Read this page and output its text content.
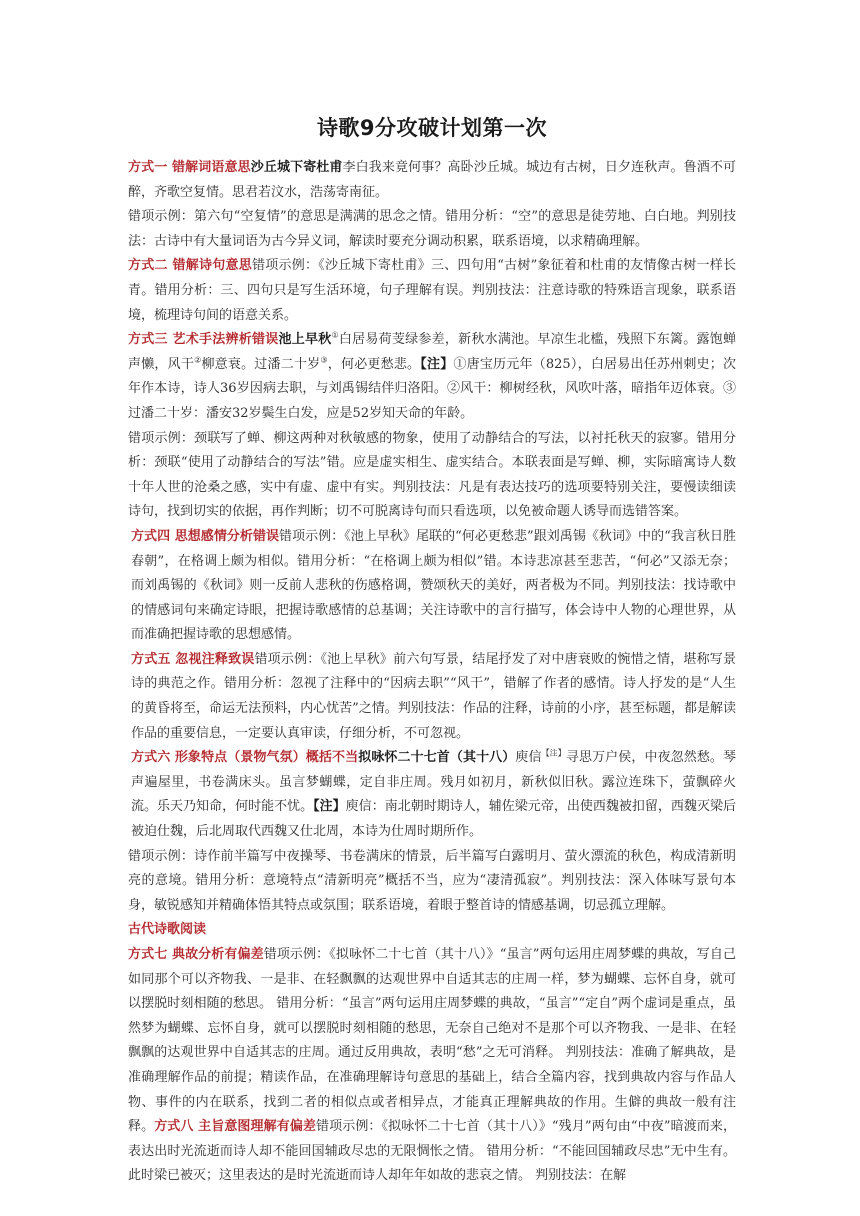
诗歌9分攻破计划第一次

方式一 错解词语意思沙丘城下寄杜甫李白我来竟何事？高卧沙丘城。城边有古树，日夕连秋声。鲁酒不可醉，齐歌空复情。思君若汶水，浩荡寄南征。

错项示例：第六句“空复情”的意思是满满的思念之情。错用分析：“空”的意思是徒劳地、白白地。判别技法：古诗中有大量词语为古今异义词，解读时要充分调动积累，联系语境，以求精确理解。

方式二 错解诗句意思错项示例：《沙丘城下寄杜甫》三、四句用“古树”象征着和杜甫的友情像古树一样长青。错用分析：三、四句只是写生活环境，句子理解有误。判别技法：注意诗歌的特殊语言现象，联系语境，梳理诗句间的语意关系。

方式三 艺术手法辨析错误池上早秋①白居易荷芰绿参差，新秋水满池。早凉生北槛，残照下东篱。露饱蝉声懒，风干②柳意衰。过潘二十岁③，何必更愁悲。【注】①唐宝历元年（825），白居易出任苏州刺史；次年作本诗，诗人36岁因病去职，与刘禹锡结伴归洛阳。②风干：柳树经秋，风吹叶落，暗指年迈体衰。③过潘二十岁：潘安32岁鬓生白发，应是52岁知天命的年龄。

错项示例：颈联写了蝉、柳这两种对秋敏感的物象，使用了动静结合的写法，以衬托秋天的寂寥。错用分析：颈联“使用了动静结合的写法”错。应是虚实相生、虚实结合。本联表面是写蝉、柳，实际暗寓诗人数十年人世的沧桑之感，实中有虚、虚中有实。判别技法：凡是有表达技巧的选项要特别关注，要慢读细读诗句，找到切实的依据，再作判断；切不可脱离诗句而只看选项，以免被命题人诱导而选错答案。

方式四 思想感情分析错误错项示例：《池上早秋》尾联的“何必更愁悲”跟刘禹锡《秋词》中的“我言秋日胜春朝”，在格调上颇为相似。错用分析：“在格调上颇为相似”错。本诗悲凉甚至悲苦，“何必”又添无奈；而刘禹锡的《秋词》则一反前人悲秋的伤感格调，赞颂秋天的美好，两者极为不同。判别技法：找诗歌中的情感词句来确定诗眼，把握诗歌感情的总基调；关注诗歌中的言行描写，体会诗中人物的心理世界，从而准确把握诗歌的思想感情。

方式五 忽视注释致误错项示例：《池上早秋》前六句写景，结尾抒发了对中唐衰败的惋惜之情，堪称写景诗的典范之作。错用分析：忽视了注释中的“因病去职”“风干”，错解了作者的感情。诗人抒发的是“人生的黄昏将至，命运无法预料，内心忧苦”之情。判别技法：作品的注释，诗前的小序，甚至标题，都是解读作品的重要信息，一定要认真审读，仔细分析，不可忽视。

方式六 形象特点（景物气氛）概括不当拟咏怀二十七首（其十八）庾信$^{【注】}$寻思万户侯，中夜忽然愁。琴声遍屋里，书卷满床头。虽言梦蝴蝶，定自非庄周。残月如初月，新秋似旧秋。露泣连珠下，萤飘碎火流。乐天乃知命，何时能不忧。【注】庾信：南北朝时期诗人，辅佐梁元帝，出使西魏被扣留，西魏灭梁后被迫仕魏，后北周取代西魏又仕北周，本诗为仕周时期所作。

错项示例：诗作前半篇写中夜操琴、书卷满床的情景，后半篇写白露明月、萤火漂流的秋色，构成清新明亮的意境。错用分析：意境特点“清新明亮”概括不当，应为“凄清孤寂”。判别技法：深入体味写景句本身，敏锐感知并精确体悟其特点或氛围；联系语境，着眼于整首诗的情感基调，切忌孤立理解。

古代诗歌阅读

方式七 典故分析有偏差错项示例：《拟咏怀二十七首（其十八）》“虽言”两句运用庄周梦蝶的典故，写自己如同那个可以齐物我、一是非、在轻飘飘的达观世界中自适其志的庄周一样，梦为蝴蝶、忘怀自身，就可以摆脱时刻相随的愁思。 错用分析：“虽言”两句运用庄周梦蝶的典故，“虽言”“定自”两个虚词是重点，虽然梦为蝴蝶、忘怀自身，就可以摆脱时刻相随的愁思，无奈自己绝对不是那个可以齐物我、一是非、在轻飘飘的达观世界中自适其志的庄周。通过反用典故，表明“愁”之无可消释。 判别技法：准确了解典故，是准确理解作品的前提；精读作品，在准确理解诗句意思的基础上，结合全篇内容，找到典故内容与作品人物、事件的内在联系，找到二者的相似点或者相异点，才能真正理解典故的作用。生僻的典故一般有注释。方式八 主旨意图理解有偏差错项示例：《拟咏怀二十七首（其十八）》“残月”两句由“中夜”暗渡而来，表达出时光流逝而诗人却不能回国辅政尽忠的无限惆怅之情。 错用分析：“不能回国辅政尽忠”无中生有。此时梁已被灭；这里表达的是时光流逝而诗人却年年如故的悲哀之情。 判别技法：在解
